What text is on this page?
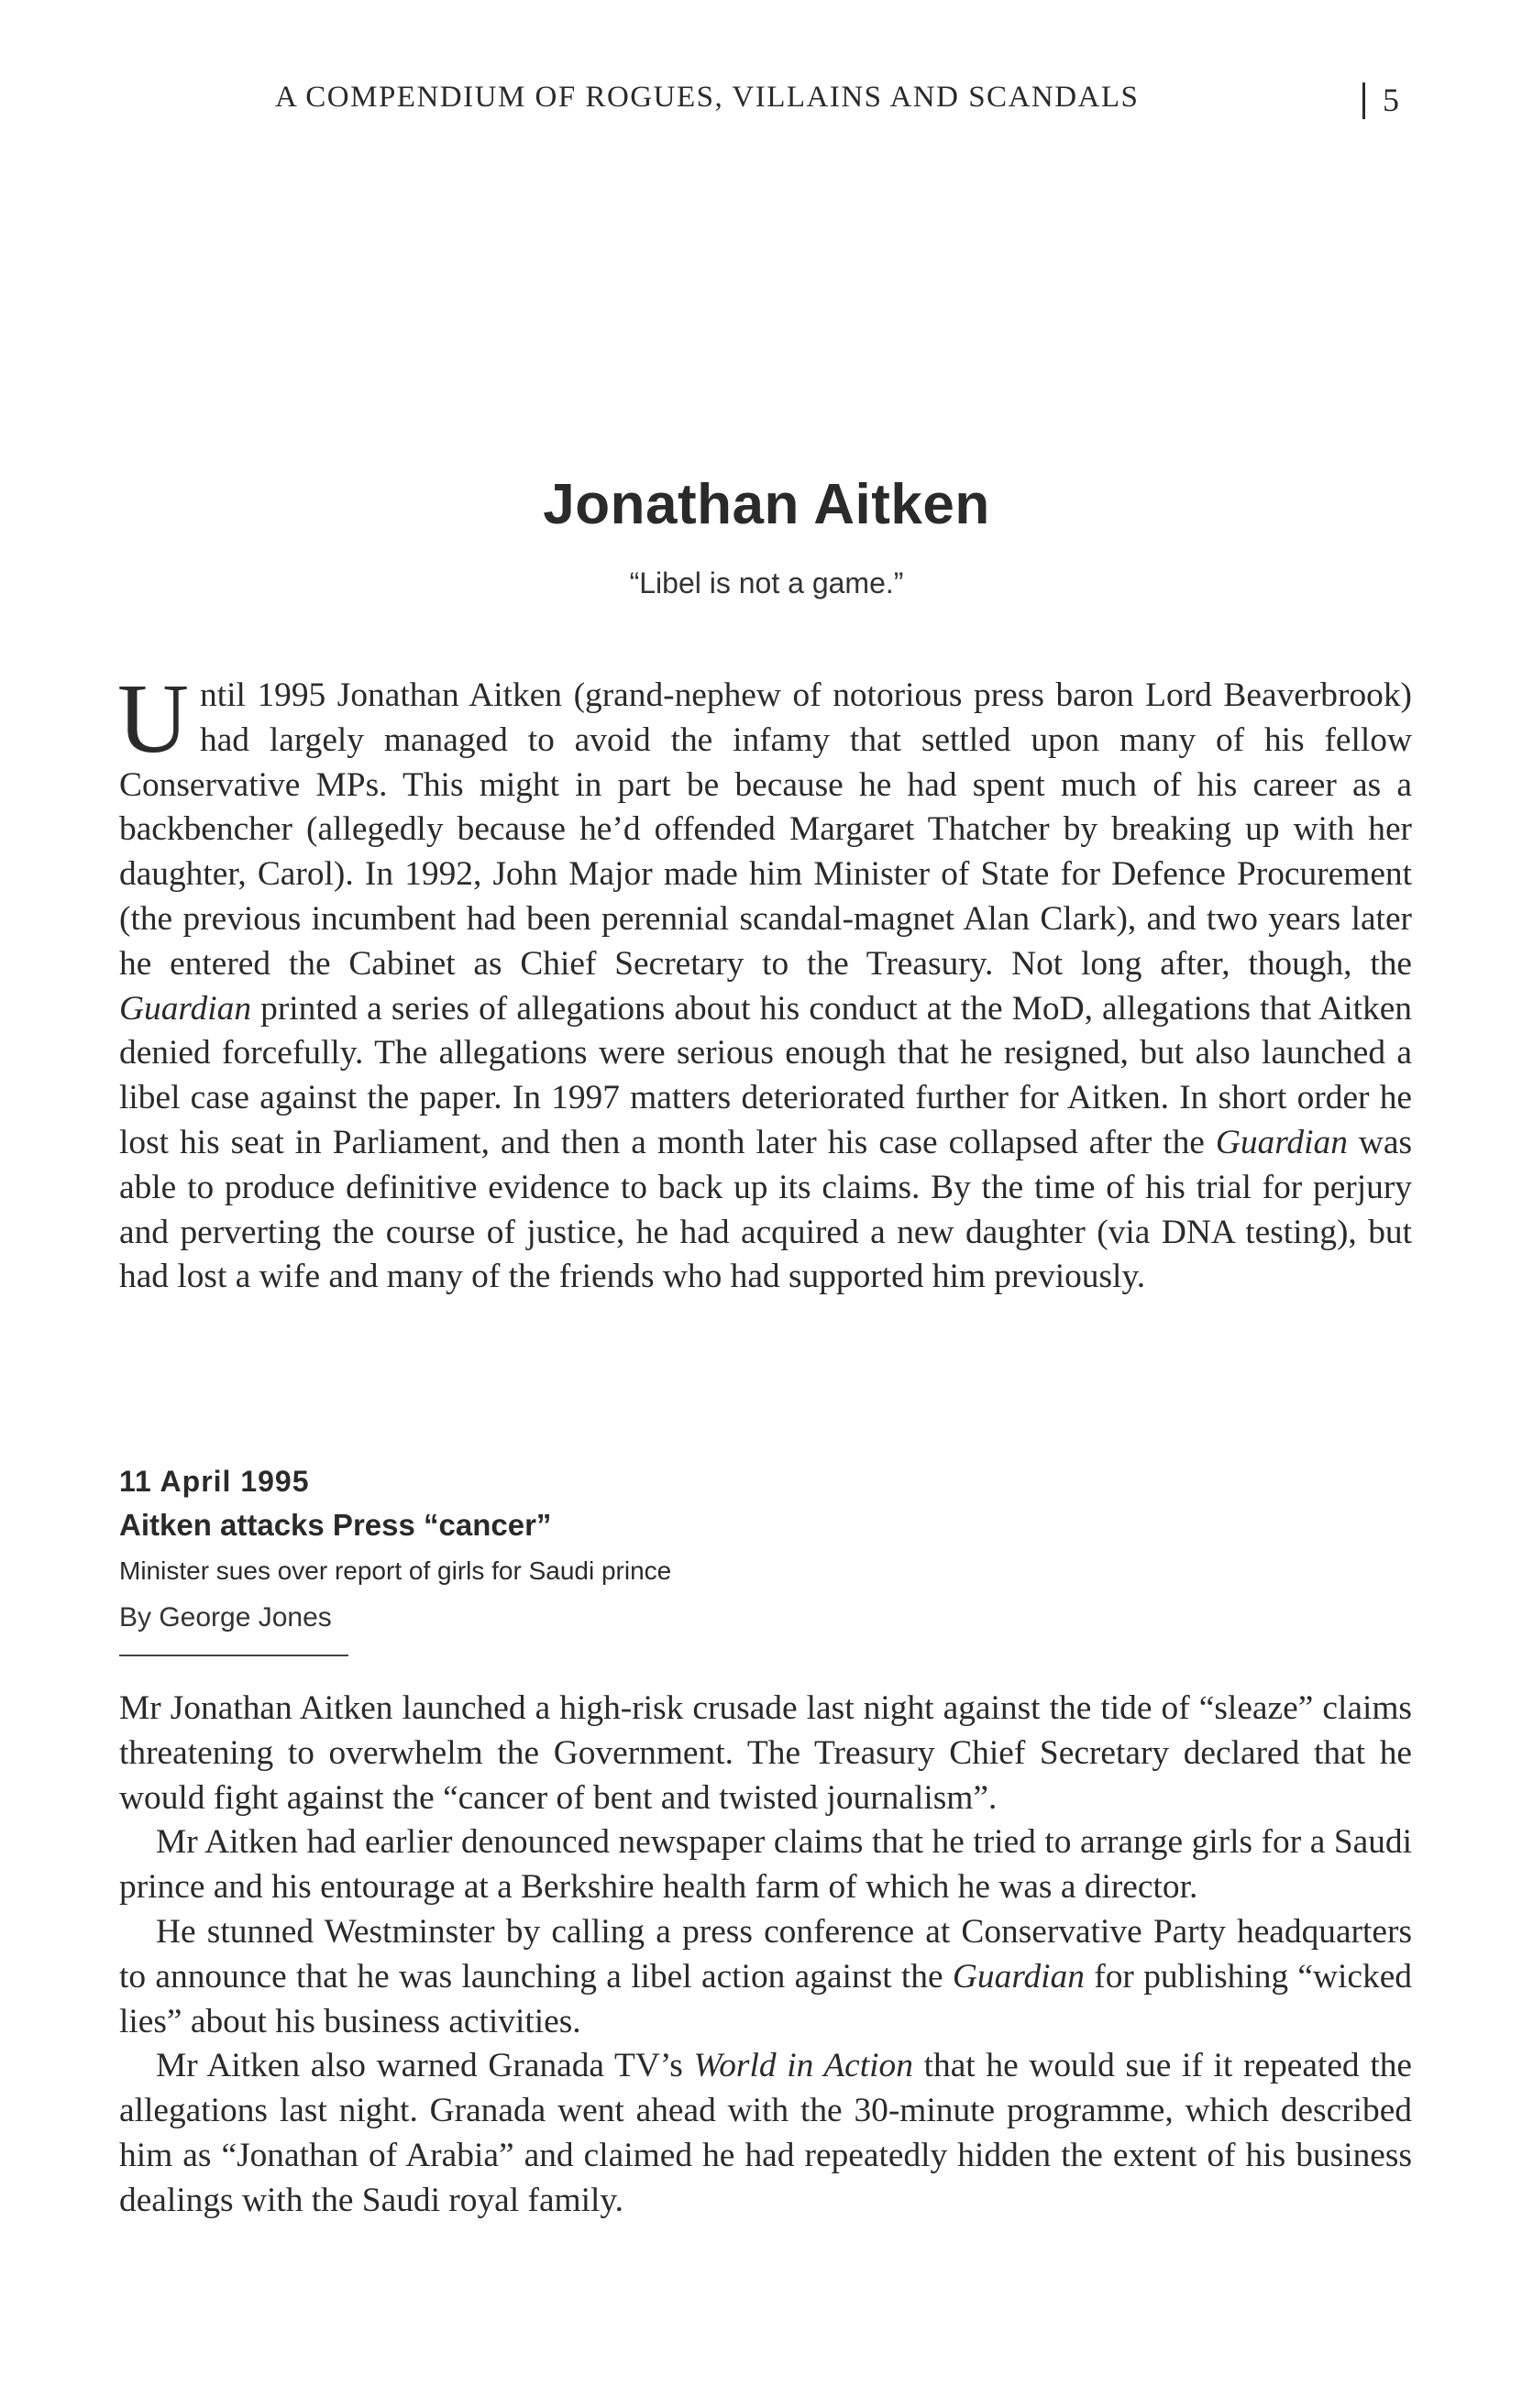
A COMPENDIUM OF ROGUES, VILLAINS AND SCANDALS	5
Jonathan Aitken
“Libel is not a game.”
Until 1995 Jonathan Aitken (grand-nephew of notorious press baron Lord Beaverbrook) had largely managed to avoid the infamy that settled upon many of his fellow Conservative MPs. This might in part be because he had spent much of his career as a backbencher (allegedly because he’d offended Margaret Thatcher by breaking up with her daughter, Carol). In 1992, John Major made him Minister of State for Defence Procurement (the previous incumbent had been perennial scandal-magnet Alan Clark), and two years later he entered the Cabinet as Chief Secretary to the Treasury. Not long after, though, the Guardian printed a series of allegations about his conduct at the MoD, allegations that Aitken denied forcefully. The allegations were serious enough that he resigned, but also launched a libel case against the paper. In 1997 matters deteriorated further for Aitken. In short order he lost his seat in Parliament, and then a month later his case collapsed after the Guardian was able to produce definitive evidence to back up its claims. By the time of his trial for perjury and perverting the course of justice, he had acquired a new daughter (via DNA testing), but had lost a wife and many of the friends who had supported him previously.
11 April 1995
Aitken attacks Press “cancer”
Minister sues over report of girls for Saudi prince
By George Jones

Mr Jonathan Aitken launched a high-risk crusade last night against the tide of “sleaze” claims threatening to overwhelm the Government. The Treasury Chief Secretary declared that he would fight against the “cancer of bent and twisted journalism”.

Mr Aitken had earlier denounced newspaper claims that he tried to arrange girls for a Saudi prince and his entourage at a Berkshire health farm of which he was a director.

He stunned Westminster by calling a press conference at Conservative Party headquarters to announce that he was launching a libel action against the Guardian for publishing “wicked lies” about his business activities.

Mr Aitken also warned Granada TV’s World in Action that he would sue if it repeated the allegations last night. Granada went ahead with the 30-minute programme, which described him as “Jonathan of Arabia” and claimed he had repeatedly hidden the extent of his business dealings with the Saudi royal family.
